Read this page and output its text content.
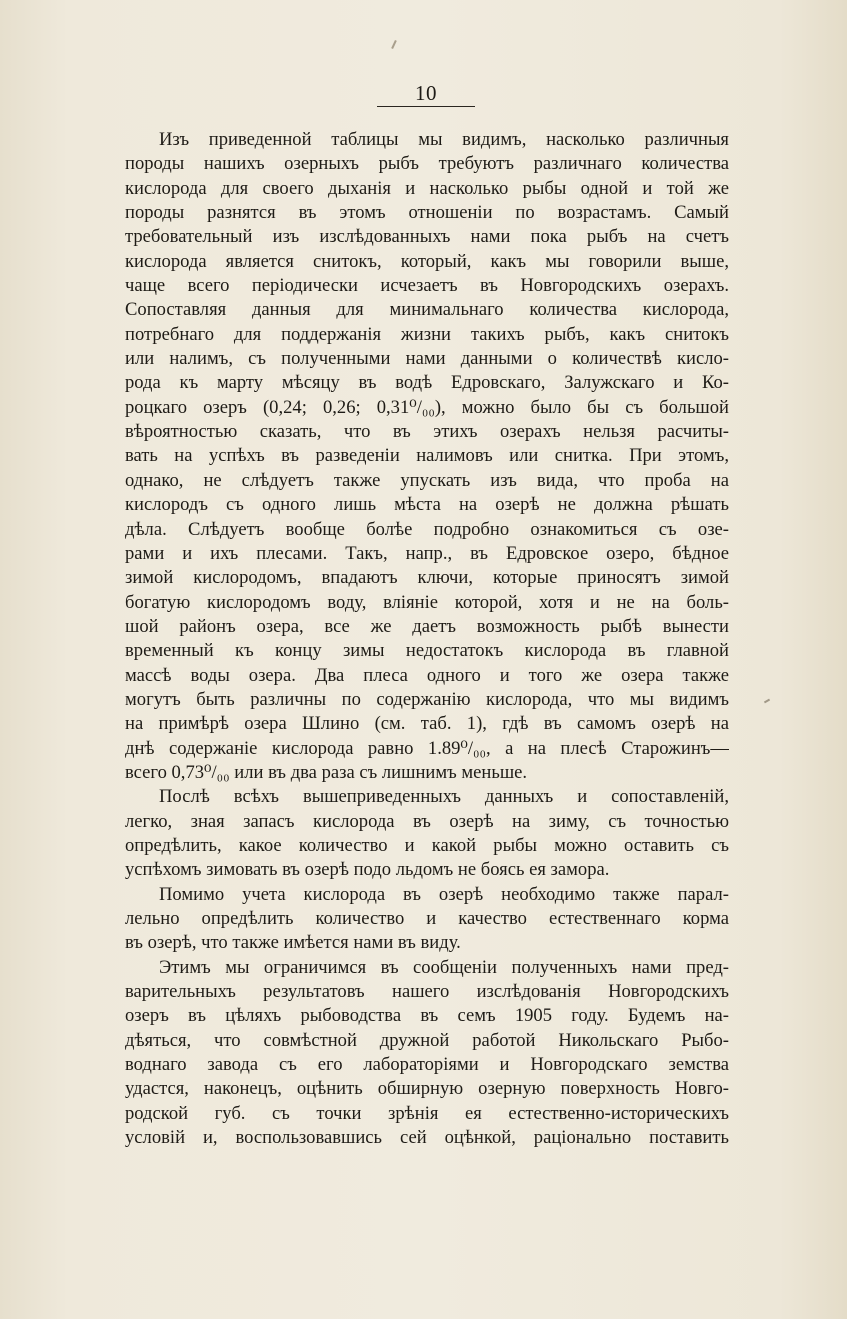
10
Изъ приведенной таблицы мы видимъ, насколько различныя
породы нашихъ озерныхъ рыбъ требуютъ различнаго количества
кислорода для своего дыханія и насколько рыбы одной и той же
породы разнятся въ этомъ отношеніи по возрастамъ. Самый
требовательный изъ изслѣдованныхъ нами пока рыбъ на счетъ
кислорода является снитокъ, который, какъ мы говорили выше,
чаще всего періодически исчезаетъ въ Новгородскихъ озерахъ.
Сопоставляя данныя для минимальнаго количества кислорода,
потребнаго для поддержанія жизни такихъ рыбъ, какъ снитокъ
или налимъ, съ полученными нами данными о количествѣ кисло-
рода къ марту мѣсяцу въ водѣ Едровскаго, Залужскаго и Ко-
роцкаго озеръ (0,24; 0,26; 0,31⁰/₀₀), можно было бы съ большой
вѣроятностью сказать, что въ этихъ озерахъ нельзя расчиты-
вать на успѣхъ въ разведеніи налимовъ или снитка. При этомъ,
однако, не слѣдуетъ также упускать изъ вида, что проба на
кислородъ съ одного лишь мѣста на озерѣ не должна рѣшать
дѣла. Слѣдуетъ вообще болѣе подробно ознакомиться съ озе-
рами и ихъ плесами. Такъ, напр., въ Едровское озеро, бѣдное
зимой кислородомъ, впадаютъ ключи, которые приносятъ зимой
богатую кислородомъ воду, вліяніе которой, хотя и не на боль-
шой районъ озера, все же даетъ возможность рыбѣ вынести
временный къ концу зимы недостатокъ кислорода въ главной
массѣ воды озера. Два плеса одного и того же озера также
могутъ быть различны по содержанію кислорода, что мы видимъ
на примѣрѣ озера Шлино (см. таб. 1), гдѣ въ самомъ озерѣ на
днѣ содержаніе кислорода равно 1.89⁰/₀₀, а на плесѣ Старожинъ—
всего 0,73⁰/₀₀ или въ два раза съ лишнимъ меньше.
Послѣ всѣхъ вышеприведенныхъ данныхъ и сопоставленій,
легко, зная запасъ кислорода въ озерѣ на зиму, съ точностью
опредѣлить, какое количество и какой рыбы можно оставить съ
успѣхомъ зимовать въ озерѣ подо льдомъ не боясь ея замора.
Помимо учета кислорода въ озерѣ необходимо также парал-
лельно опредѣлить количество и качество естественнаго корма
въ озерѣ, что также имѣется нами въ виду.
Этимъ мы ограничимся въ сообщеніи полученныхъ нами пред-
варительныхъ результатовъ нашего изслѣдованія Новгородскихъ
озеръ въ цѣляхъ рыбоводства въ семъ 1905 году. Будемъ на-
дѣяться, что совмѣстной дружной работой Никольскаго Рыбо-
воднаго завода съ его лабораторіями и Новгородскаго земства
удастся, наконецъ, оцѣнить обширную озерную поверхность Новго-
родской губ. съ точки зрѣнія ея естественно-историческихъ
условій и, воспользовавшись сей оцѣнкой, раціонально поставить
